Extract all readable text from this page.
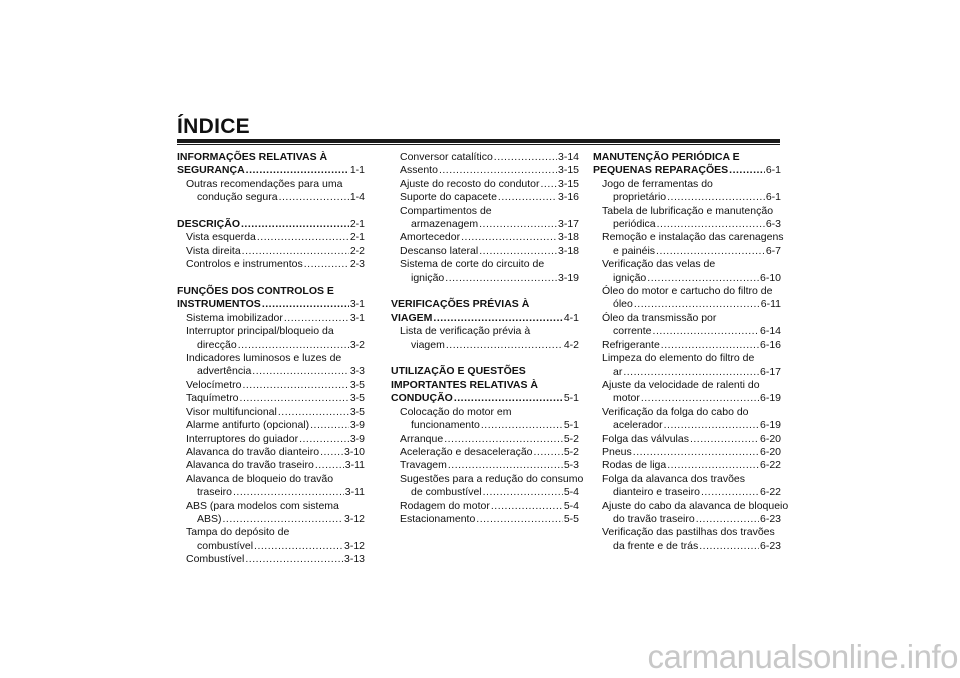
ÍNDICE
INFORMAÇÕES RELATIVAS À
SEGURANÇA .....	1-1
Outras recomendações para uma
condução segura .....	1-4
DESCRIÇÃO .....	2-1
Vista esquerda .....	2-1
Vista direita .....	2-2
Controlos e instrumentos .....	2-3
FUNÇÕES DOS CONTROLOS E
INSTRUMENTOS .....	3-1
Sistema imobilizador .....	3-1
Interruptor principal/bloqueio da
direcção .....	3-2
Indicadores luminosos e luzes de
advertência .....	3-3
Velocímetro .....	3-5
Taquímetro .....	3-5
Visor multifuncional .....	3-5
Alarme antifurto (opcional) .....	3-9
Interruptores do guiador .....	3-9
Alavanca do travão dianteiro ..... 3-10
Alavanca do travão traseiro .....	3-11
Alavanca de bloqueio do travão
traseiro .....	3-11
ABS (para modelos com sistema
ABS) .....	3-12
Tampa do depósito de
combustível .....	3-12
Combustível .....	3-13
Conversor catalítico .....	3-14
Assento .....	3-15
Ajuste do recosto do condutor ..... 3-15
Suporte do capacete .....	3-16
Compartimentos de
armazenagem .....	3-17
Amortecedor .....	3-18
Descanso lateral .....	3-18
Sistema de corte do circuito de
ignição .....	3-19
VERIFICAÇÕES PRÉVIAS À
VIAGEM .....	4-1
Lista de verificação prévia à
viagem .....	4-2
UTILIZAÇÃO E QUESTÕES
IMPORTANTES RELATIVAS À
CONDUÇÃO .....	5-1
Colocação do motor em
funcionamento .....	5-1
Arranque .....	5-2
Aceleração e desaceleração .....	5-2
Travagem .....	5-3
Sugestões para a redução do consumo
de combustível .....	5-4
Rodagem do motor .....	5-4
Estacionamento .....	5-5
MANUTENÇÃO PERIÓDICA E
PEQUENAS REPARAÇÕES .....	6-1
Jogo de ferramentas do
proprietário .....	6-1
Tabela de lubrificação e manutenção
periódica .....	6-3
Remoção e instalação das carenagens
e painéis .....	6-7
Verificação das velas de
ignição .....	6-10
Óleo do motor e cartucho do filtro de
óleo .....	6-11
Óleo da transmissão por
corrente .....	6-14
Refrigerante .....	6-16
Limpeza do elemento do filtro de
ar .....	6-17
Ajuste da velocidade de ralenti do
motor .....	6-19
Verificação da folga do cabo do
acelerador .....	6-19
Folga das válvulas .....	6-20
Pneus .....	6-20
Rodas de liga .....	6-22
Folga da alavanca dos travões
dianteiro e traseiro .....	6-22
Ajuste do cabo da alavanca de bloqueio
do travão traseiro .....	6-23
Verificação das pastilhas dos travões
da frente e de trás .....	6-23
carmanualsonline.info
